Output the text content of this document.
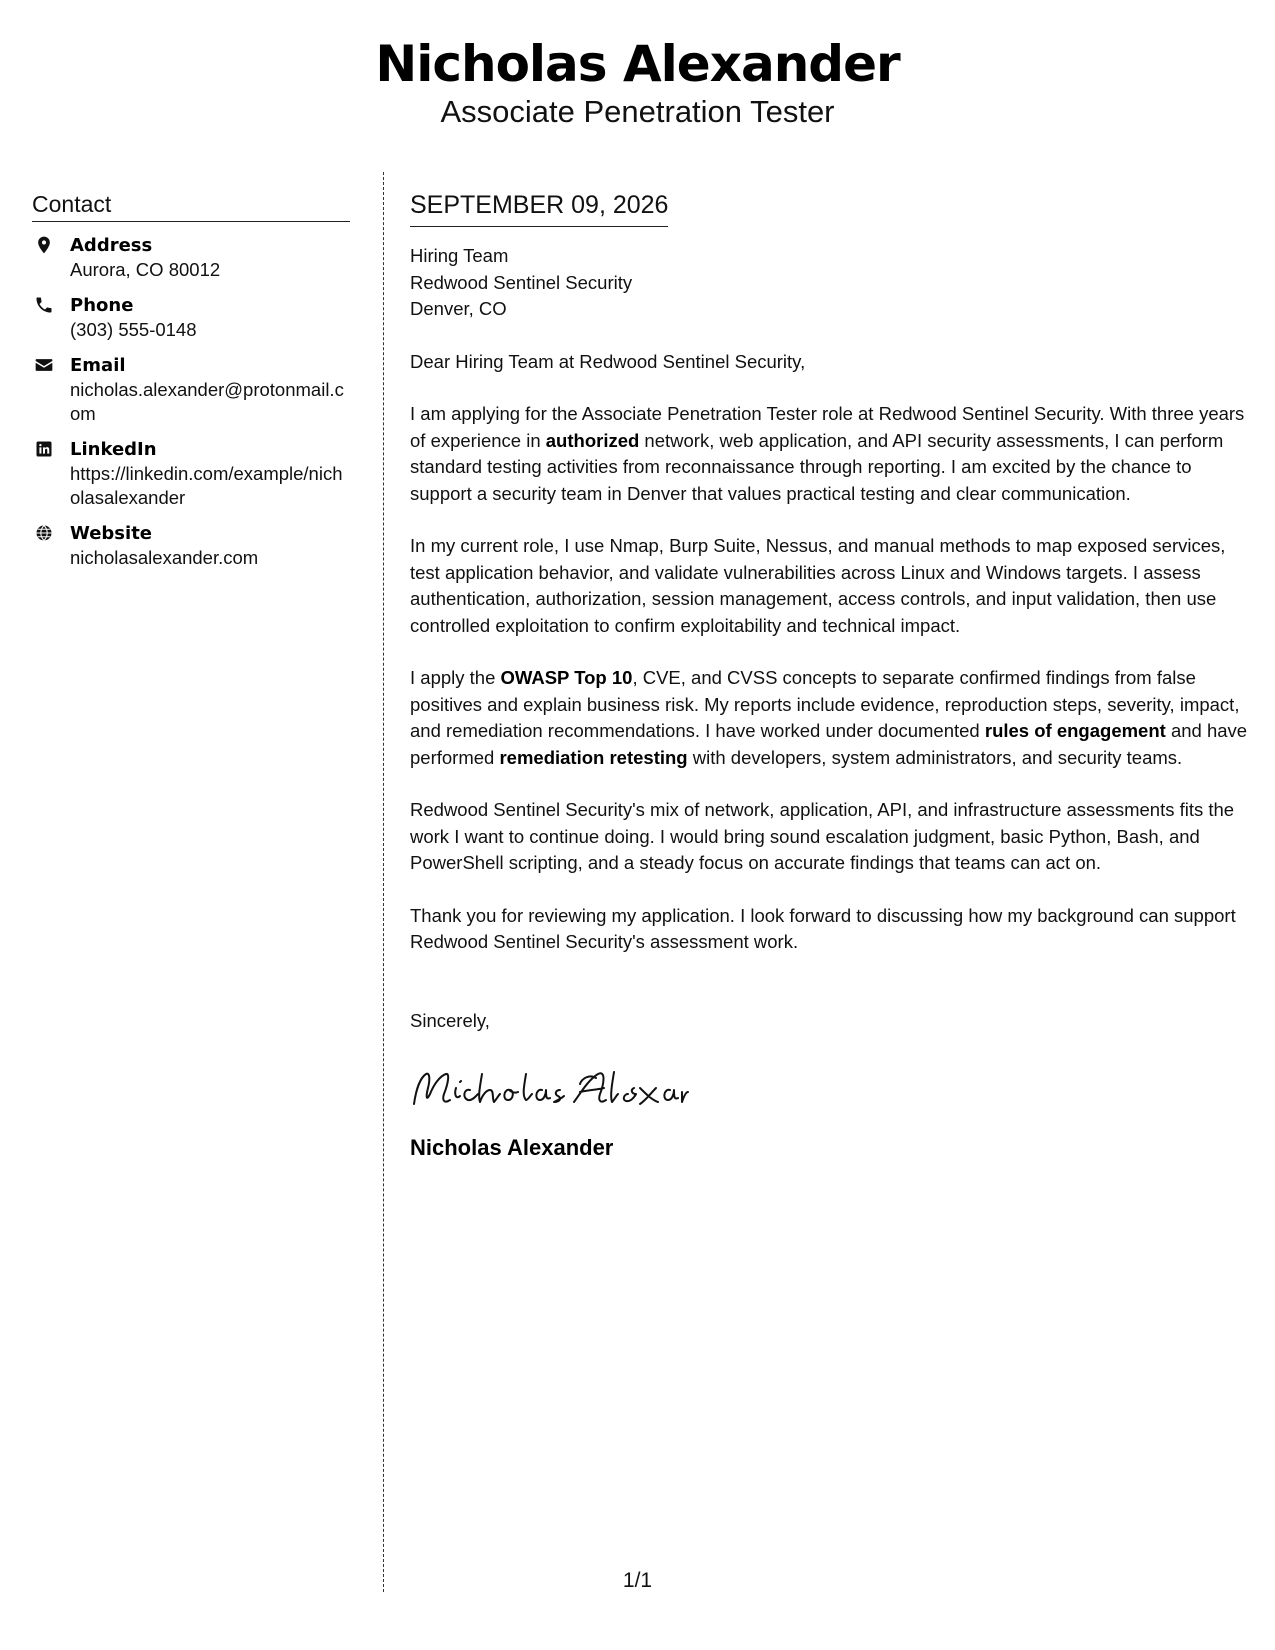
Nicholas Alexander
Associate Penetration Tester
Contact
Address
Aurora, CO 80012
Phone
(303) 555-0148
Email
nicholas.alexander@protonmail.com
LinkedIn
https://linkedin.com/example/nicholasalexander
Website
nicholasalexander.com
SEPTEMBER 09, 2026
Hiring Team
Redwood Sentinel Security
Denver, CO
Dear Hiring Team at Redwood Sentinel Security,
I am applying for the Associate Penetration Tester role at Redwood Sentinel Security. With three years of experience in authorized network, web application, and API security assessments, I can perform standard testing activities from reconnaissance through reporting. I am excited by the chance to support a security team in Denver that values practical testing and clear communication.
In my current role, I use Nmap, Burp Suite, Nessus, and manual methods to map exposed services, test application behavior, and validate vulnerabilities across Linux and Windows targets. I assess authentication, authorization, session management, access controls, and input validation, then use controlled exploitation to confirm exploitability and technical impact.
I apply the OWASP Top 10, CVE, and CVSS concepts to separate confirmed findings from false positives and explain business risk. My reports include evidence, reproduction steps, severity, impact, and remediation recommendations. I have worked under documented rules of engagement and have performed remediation retesting with developers, system administrators, and security teams.
Redwood Sentinel Security's mix of network, application, API, and infrastructure assessments fits the work I want to continue doing. I would bring sound escalation judgment, basic Python, Bash, and PowerShell scripting, and a steady focus on accurate findings that teams can act on.
Thank you for reviewing my application. I look forward to discussing how my background can support Redwood Sentinel Security's assessment work.
Sincerely,
Nicholas Alexander
1/1
